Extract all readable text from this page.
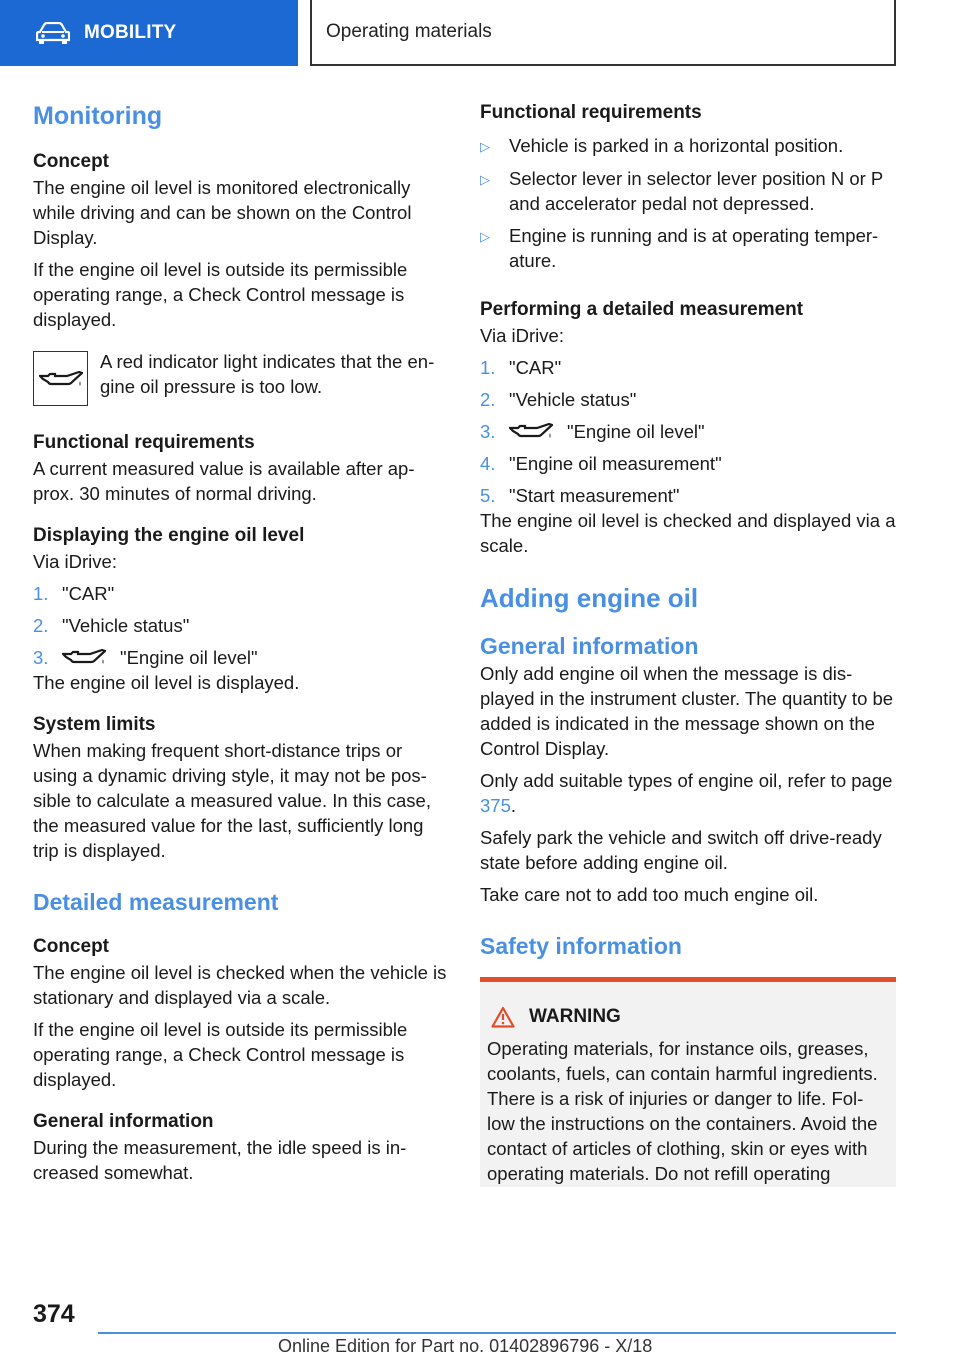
MOBILITY	Operating materials
Monitoring
Concept
The engine oil level is monitored electronically while driving and can be shown on the Control Display.
If the engine oil level is outside its permissible operating range, a Check Control message is displayed.
A red indicator light indicates that the en-gine oil pressure is too low.
Functional requirements
A current measured value is available after ap-prox. 30 minutes of normal driving.
Displaying the engine oil level
Via iDrive:
1. "CAR"
2. "Vehicle status"
3.	"Engine oil level"
The engine oil level is displayed.
System limits
When making frequent short-distance trips or using a dynamic driving style, it may not be pos-sible to calculate a measured value. In this case, the measured value for the last, sufficiently long trip is displayed.
Detailed measurement
Concept
The engine oil level is checked when the vehicle is stationary and displayed via a scale.
If the engine oil level is outside its permissible operating range, a Check Control message is displayed.
General information
During the measurement, the idle speed is in-creased somewhat.
Functional requirements
▷	Vehicle is parked in a horizontal position.
▷	Selector lever in selector lever position N or P and accelerator pedal not depressed.
▷	Engine is running and is at operating temper-ature.
Performing a detailed measurement
Via iDrive:
1. "CAR"
2. "Vehicle status"
3.	"Engine oil level"
4. "Engine oil measurement"
5. "Start measurement"
The engine oil level is checked and displayed via a scale.
Adding engine oil
General information
Only add engine oil when the message is dis-played in the instrument cluster. The quantity to be added is indicated in the message shown on the Control Display.
Only add suitable types of engine oil, refer to page 375.
Safely park the vehicle and switch off drive-ready state before adding engine oil.
Take care not to add too much engine oil.
Safety information
WARNING
Operating materials, for instance oils, greases, coolants, fuels, can contain harmful ingredients. There is a risk of injuries or danger to life. Fol-low the instructions on the containers. Avoid the contact of articles of clothing, skin or eyes with operating materials. Do not refill operating
374
Online Edition for Part no. 01402896796 - X/18
